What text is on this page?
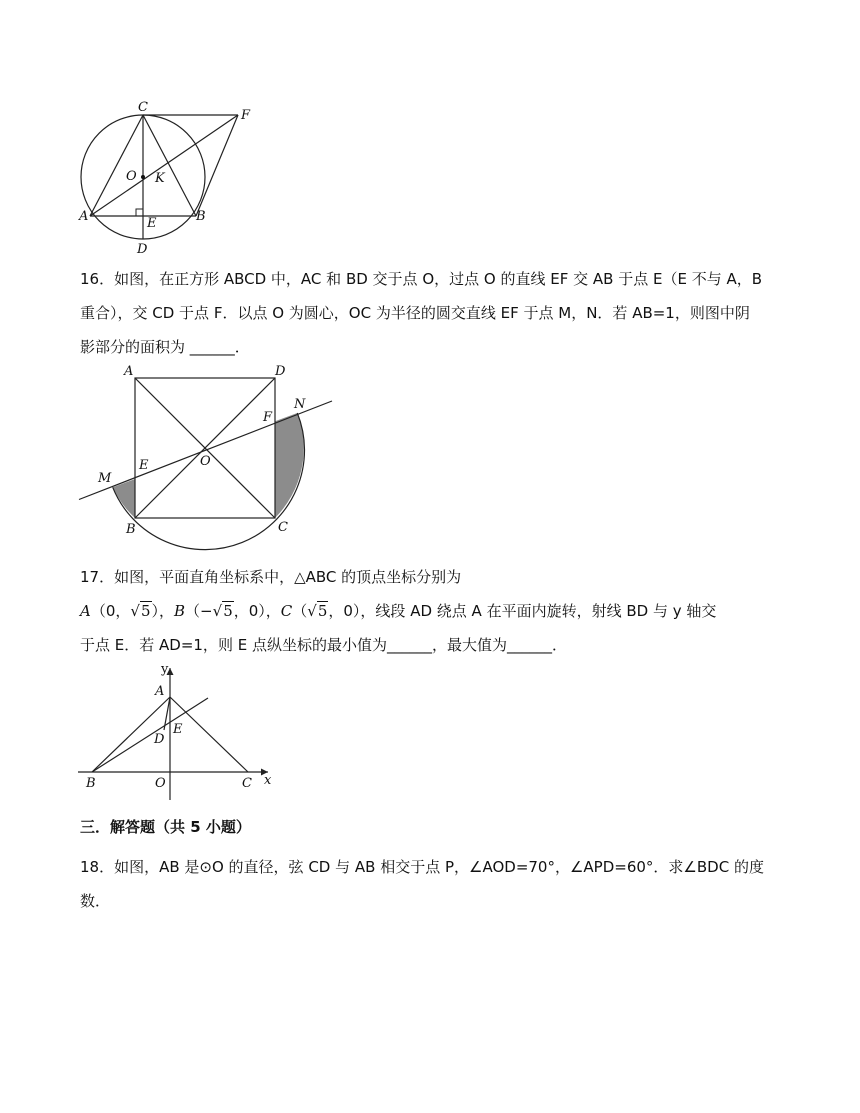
C
F
O K
A	B
E
D
16．如图，在正方形 ABCD 中，AC 和 BD 交于点 O，过点 O 的直线 EF 交 AB 于点 E（E 不与 A，B
重合），交 CD 于点 F．以点 O 为圆心，OC 为半径的圆交直线 EF 于点 M，N．若 AB=1，则图中阴
影部分的面积为 ______．
A	D
F
N
M
E	O
B	C
17．如图，平面直角坐标系中，△ABC 的顶点坐标分别为
A（0，√5），B（−√5，0），C（√5，0），线段 AD 绕点 A 在平面内旋转，射线 BD 与 y 轴交
于点 E．若 AD=1，则 E 点纵坐标的最小值为______，最大值为______．
y
A
E
D
B	O	C x
三．解答题（共 5 小题）
18．如图，AB 是⊙O 的直径，弦 CD 与 AB 相交于点 P，∠AOD=70°，∠APD=60°．求∠BDC 的度
数．
